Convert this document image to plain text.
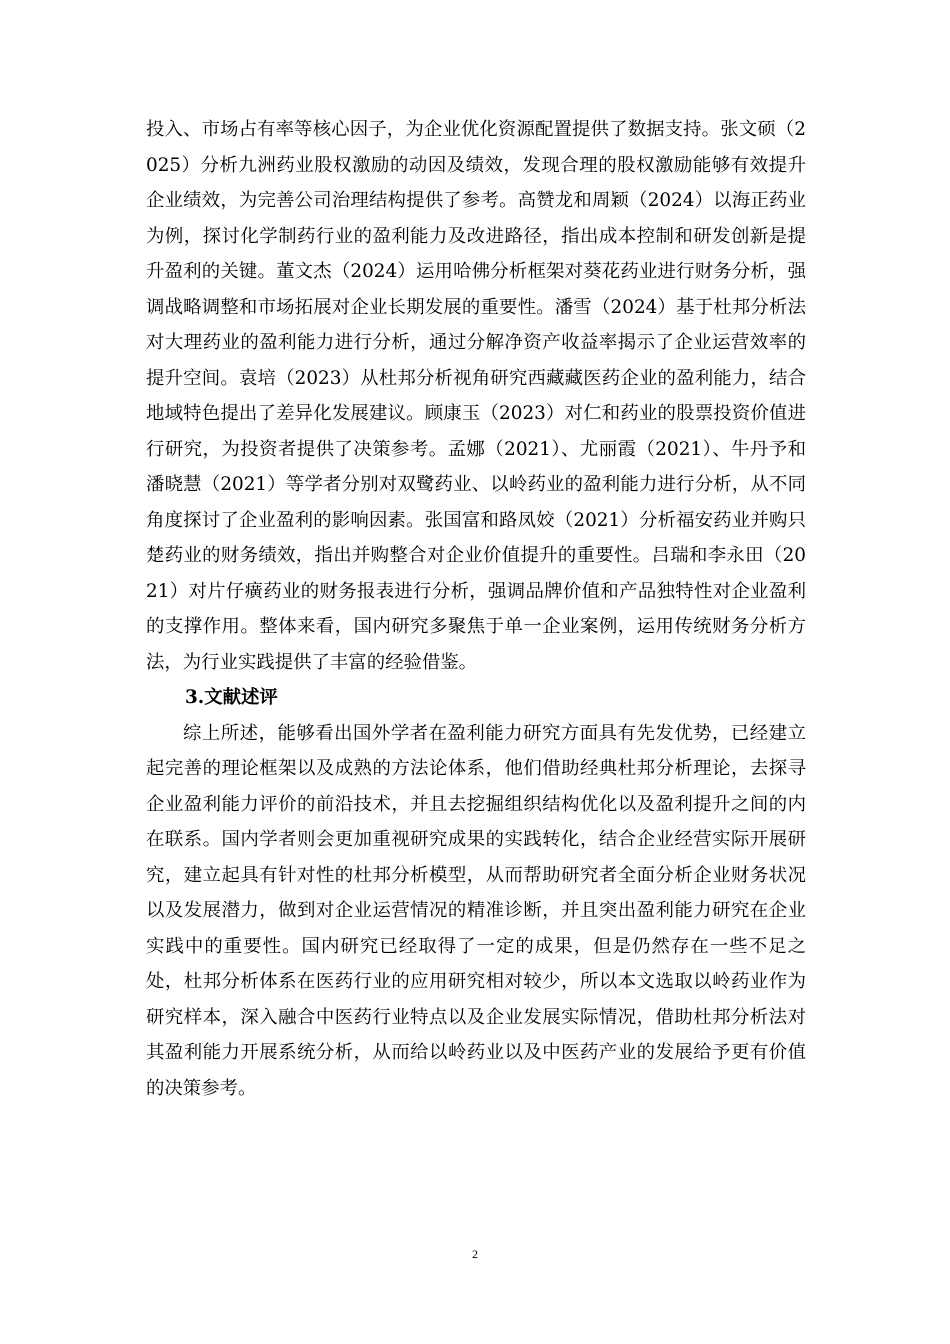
投入、市场占有率等核心因子，为企业优化资源配置提供了数据支持。张文硕（2025）分析九洲药业股权激励的动因及绩效，发现合理的股权激励能够有效提升企业绩效，为完善公司治理结构提供了参考。高赞龙和周颖（2024）以海正药业为例，探讨化学制药行业的盈利能力及改进路径，指出成本控制和研发创新是提升盈利的关键。董文杰（2024）运用哈佛分析框架对葵花药业进行财务分析，强调战略调整和市场拓展对企业长期发展的重要性。潘雪（2024）基于杜邦分析法对大理药业的盈利能力进行分析，通过分解净资产收益率揭示了企业运营效率的提升空间。袁培（2023）从杜邦分析视角研究西藏藏医药企业的盈利能力，结合地域特色提出了差异化发展建议。顾康玉（2023）对仁和药业的股票投资价值进行研究，为投资者提供了决策参考。孟娜（2021）、尤丽霞（2021）、牛丹予和潘晓慧（2021）等学者分别对双鹭药业、以岭药业的盈利能力进行分析，从不同角度探讨了企业盈利的影响因素。张国富和路凤姣（2021）分析福安药业并购只楚药业的财务绩效，指出并购整合对企业价值提升的重要性。吕瑞和李永田（2021）对片仔癀药业的财务报表进行分析，强调品牌价值和产品独特性对企业盈利的支撑作用。整体来看，国内研究多聚焦于单一企业案例，运用传统财务分析方法，为行业实践提供了丰富的经验借鉴。

3.文献述评

综上所述，能够看出国外学者在盈利能力研究方面具有先发优势，已经建立起完善的理论框架以及成熟的方法论体系，他们借助经典杜邦分析理论，去探寻企业盈利能力评价的前沿技术，并且去挖掘组织结构优化以及盈利提升之间的内在联系。国内学者则会更加重视研究成果的实践转化，结合企业经营实际开展研究，建立起具有针对性的杜邦分析模型，从而帮助研究者全面分析企业财务状况以及发展潜力，做到对企业运营情况的精准诊断，并且突出盈利能力研究在企业实践中的重要性。国内研究已经取得了一定的成果，但是仍然存在一些不足之处，杜邦分析体系在医药行业的应用研究相对较少，所以本文选取以岭药业作为研究样本，深入融合中医药行业特点以及企业发展实际情况，借助杜邦分析法对其盈利能力开展系统分析，从而给以岭药业以及中医药产业的发展给予更有价值的决策参考。

2
